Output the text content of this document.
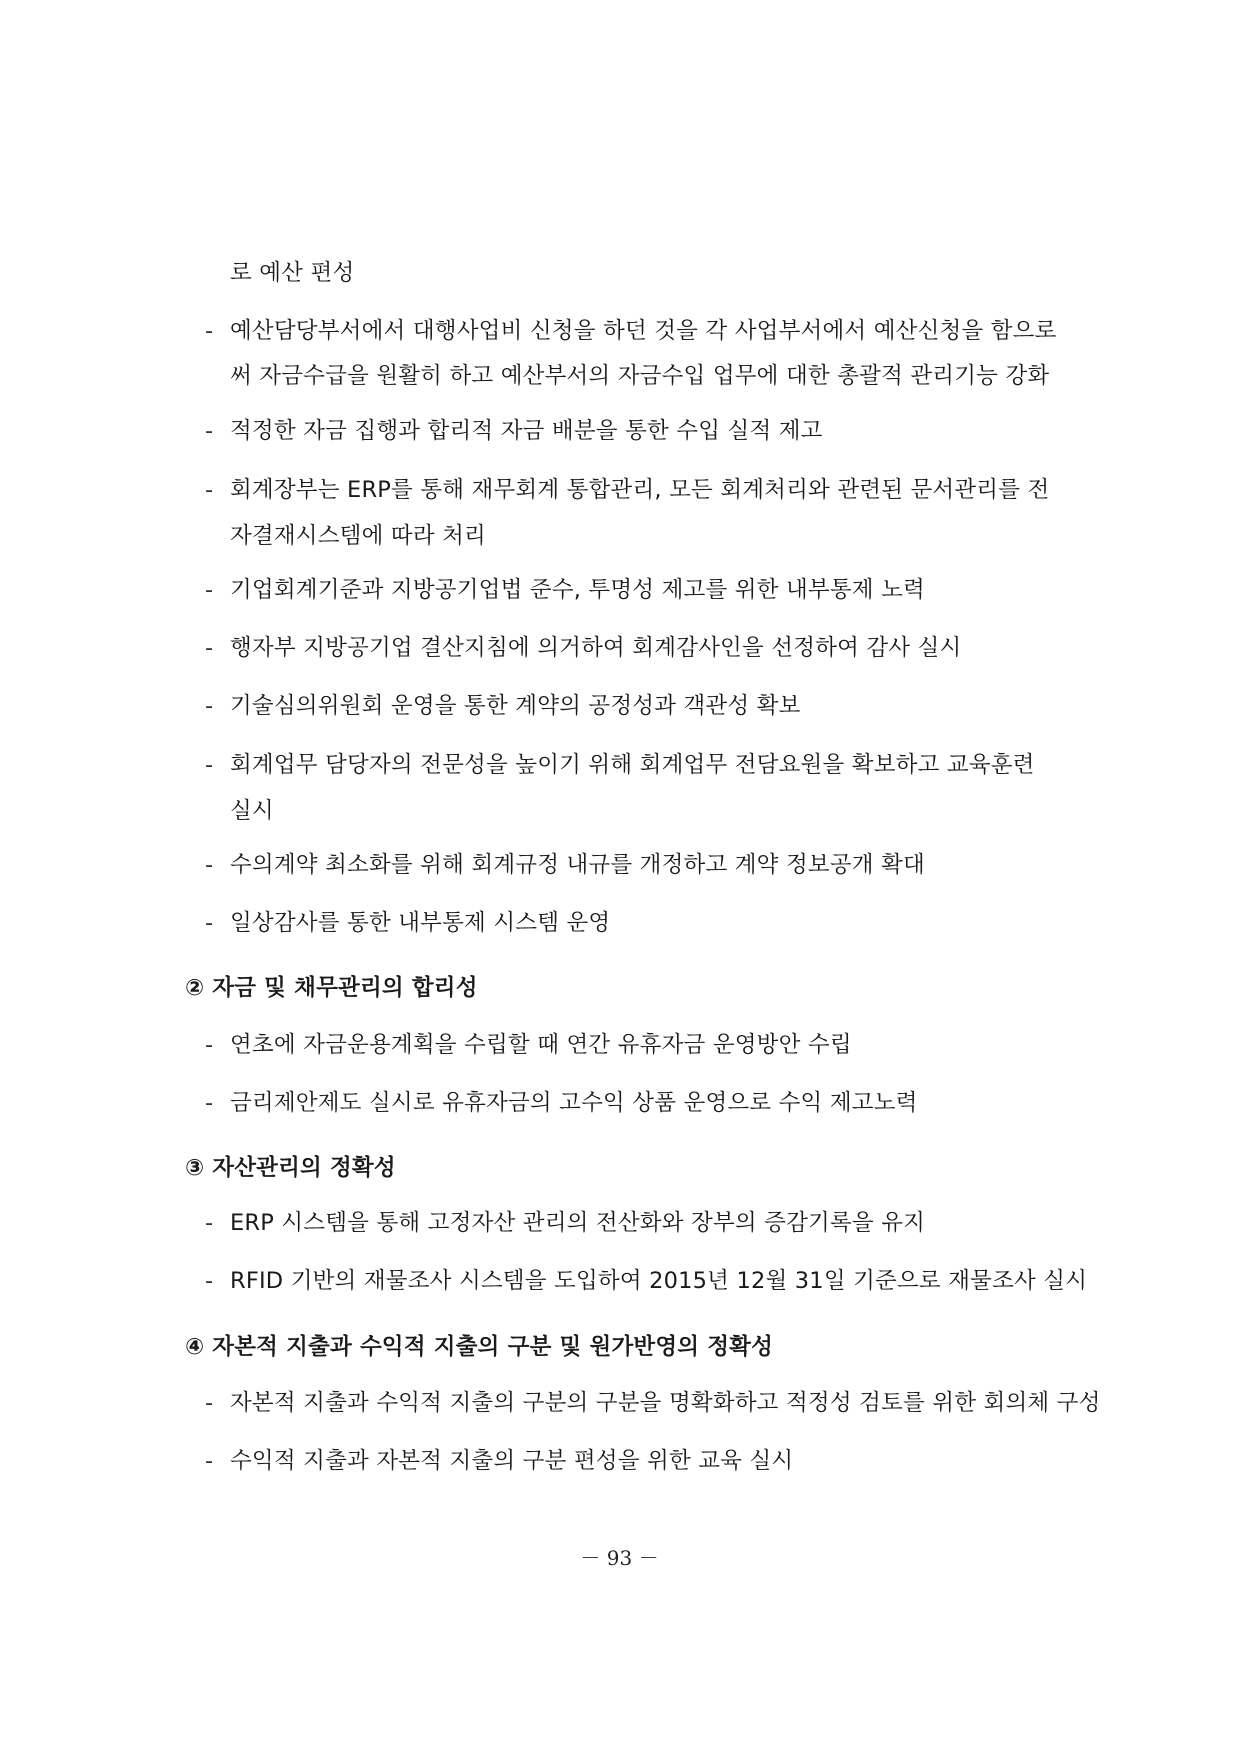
로 예산 편성
- 예산담당부서에서 대행사업비 신청을 하던 것을 각 사업부서에서 예산신청을 함으로
써 자금수급을 원활히 하고 예산부서의 자금수입 업무에 대한 총괄적 관리기능 강화
- 적정한 자금 집행과 합리적 자금 배분을 통한 수입 실적 제고
- 회계장부는 ERP를 통해 재무회계 통합관리, 모든 회계처리와 관련된 문서관리를 전
자결재시스템에 따라 처리
- 기업회계기준과 지방공기업법 준수, 투명성 제고를 위한 내부통제 노력
- 행자부 지방공기업 결산지침에 의거하여 회계감사인을 선정하여 감사 실시
- 기술심의위원회 운영을 통한 계약의 공정성과 객관성 확보
- 회계업무 담당자의 전문성을 높이기 위해 회계업무 전담요원을 확보하고 교육훈련
실시
- 수의계약 최소화를 위해 회계규정 내규를 개정하고 계약 정보공개 확대
- 일상감사를 통한 내부통제 시스템 운영
② 자금 및 채무관리의 합리성
- 연초에 자금운용계획을 수립할 때 연간 유휴자금 운영방안 수립
- 금리제안제도 실시로 유휴자금의 고수익 상품 운영으로 수익 제고노력
③ 자산관리의 정확성
- ERP 시스템을 통해 고정자산 관리의 전산화와 장부의 증감기록을 유지
- RFID 기반의 재물조사 시스템을 도입하여 2015년 12월 31일 기준으로 재물조사 실시
④ 자본적 지출과 수익적 지출의 구분 및 원가반영의 정확성
- 자본적 지출과 수익적 지출의 구분의 구분을 명확화하고 적정성 검토를 위한 회의체 구성
- 수익적 지출과 자본적 지출의 구분 편성을 위한 교육 실시
－ 93 －
